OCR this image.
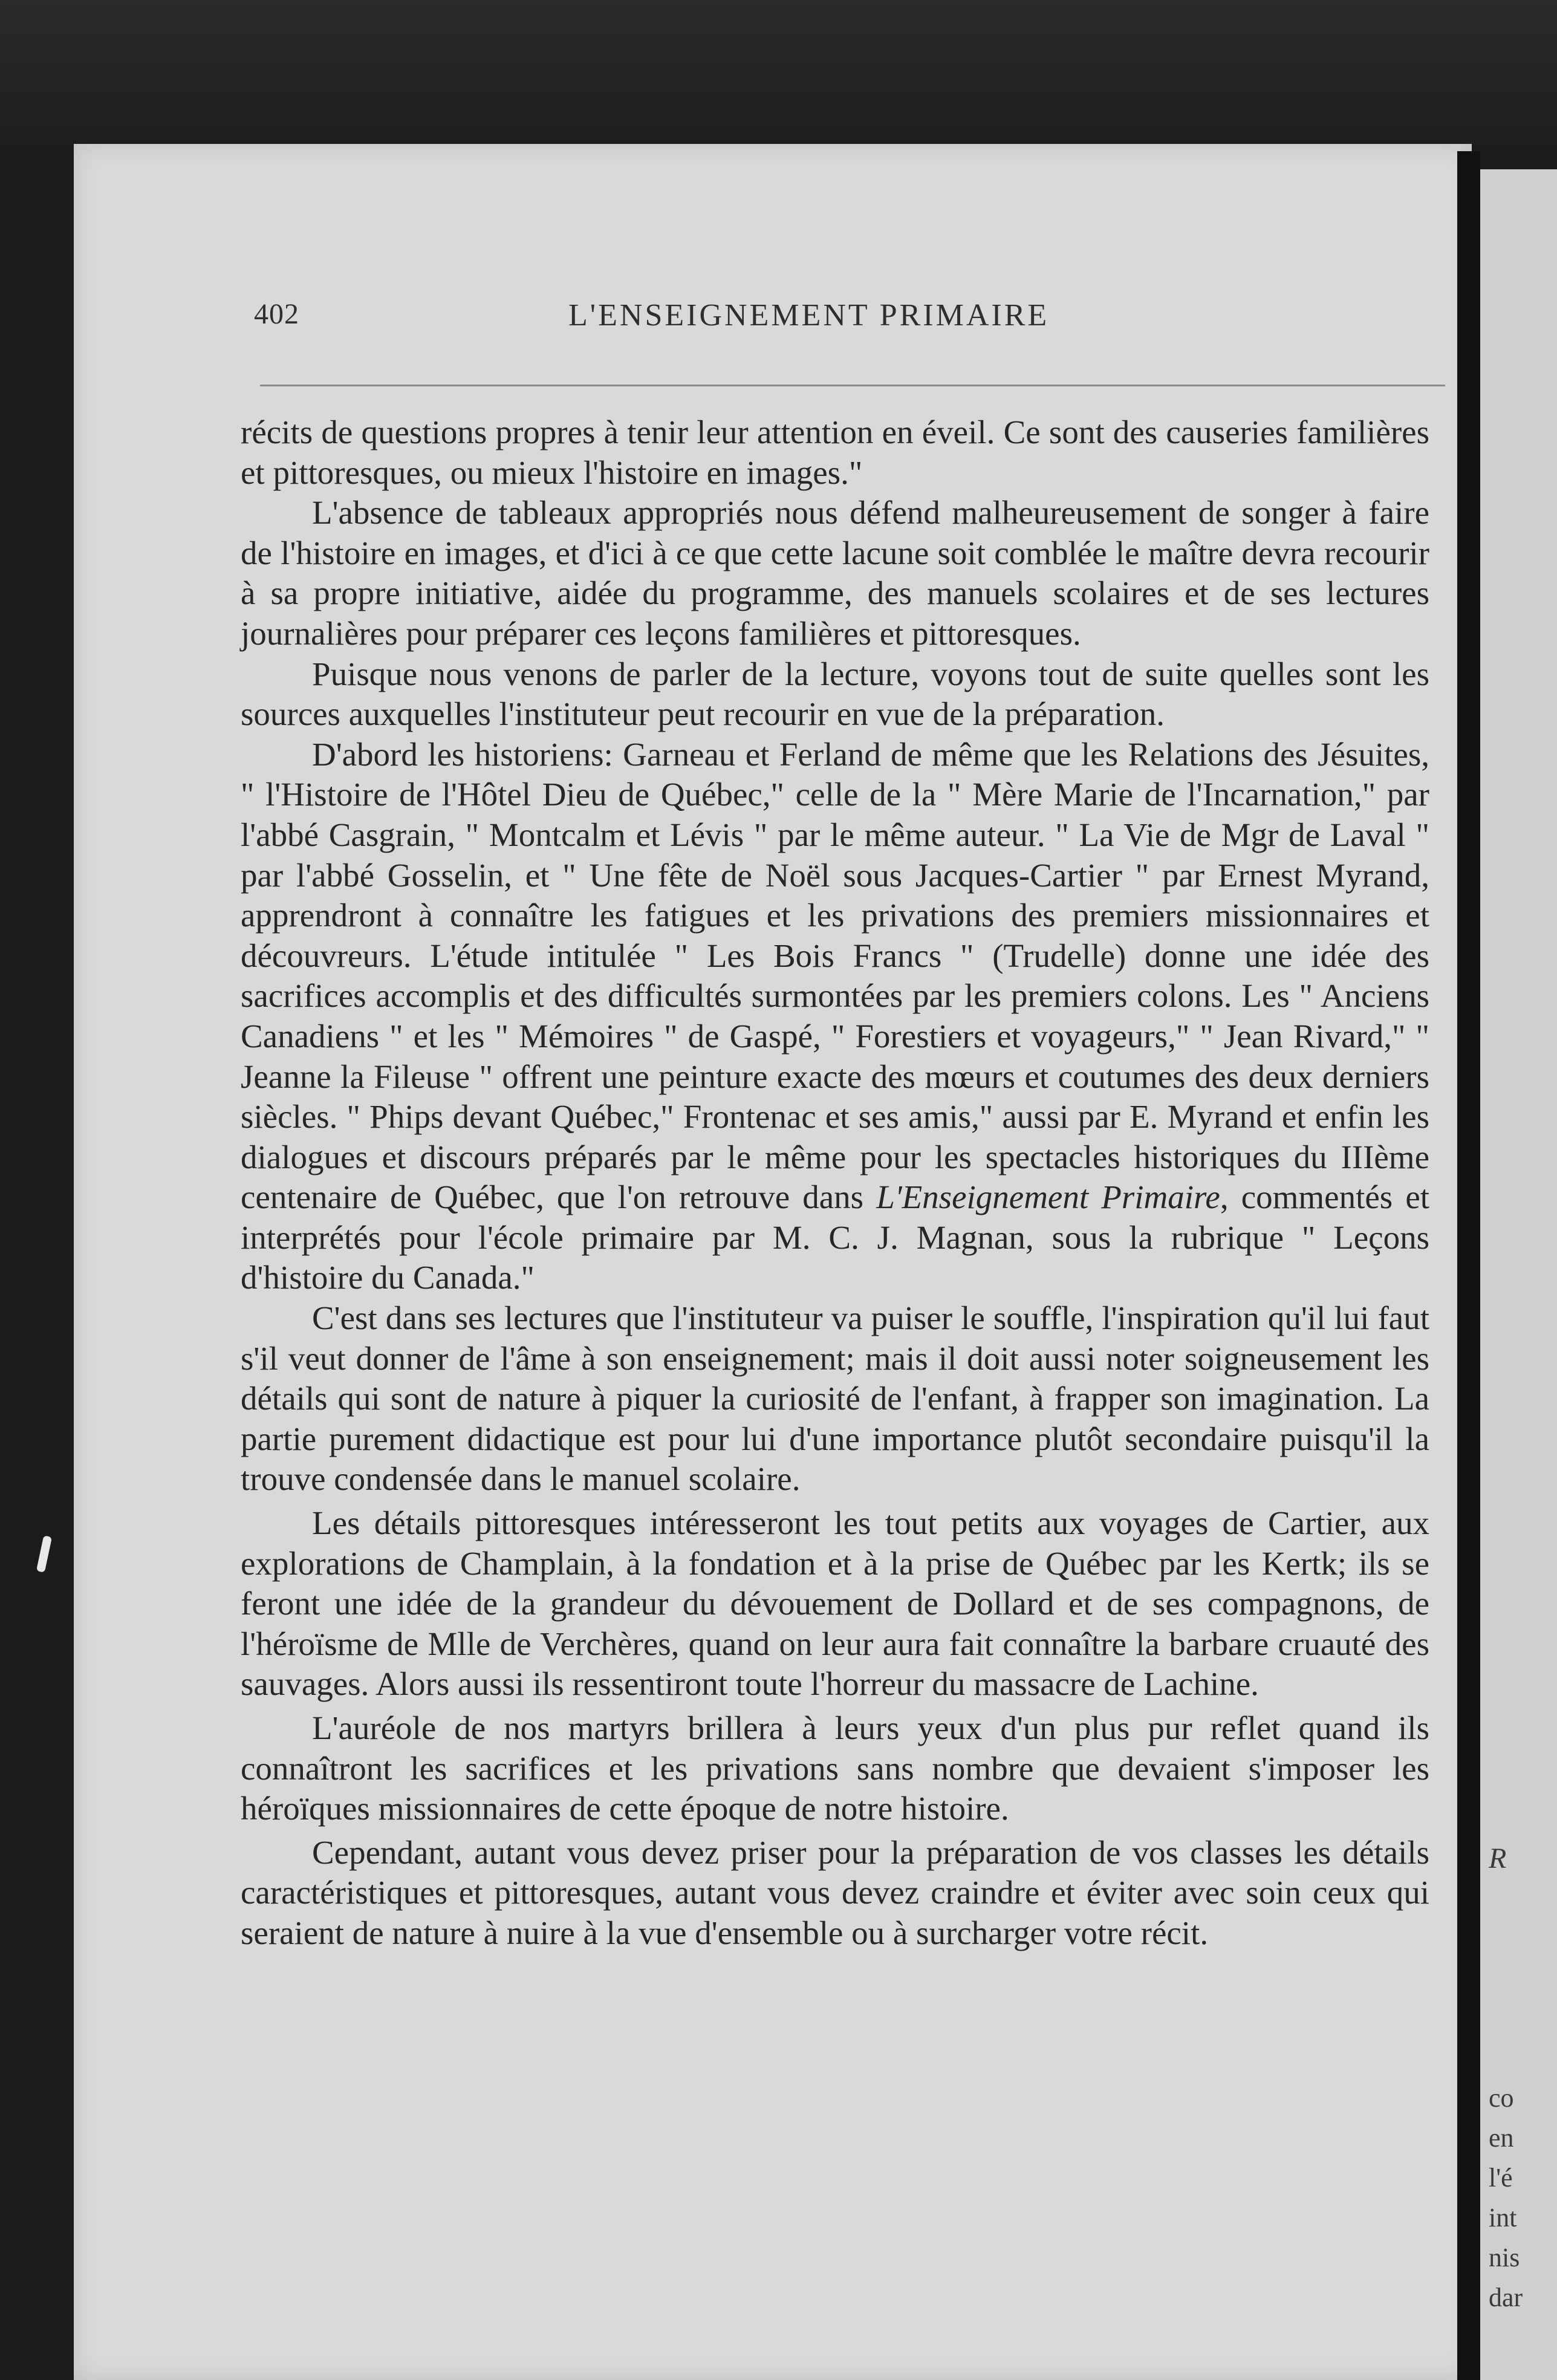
R
co
en
l'é
int
nis
dar
402	L'ENSEIGNEMENT PRIMAIRE

récits de questions propres à tenir leur attention en éveil. Ce sont des causeries familières et pittoresques, ou mieux l'histoire en images."

L'absence de tableaux appropriés nous défend malheureusement de songer à faire de l'histoire en images, et d'ici à ce que cette lacune soit comblée le maître devra recourir à sa propre initiative, aidée du programme, des manuels scolaires et de ses lectures journalières pour préparer ces leçons familières et pittoresques.

Puisque nous venons de parler de la lecture, voyons tout de suite quelles sont les sources auxquelles l'instituteur peut recourir en vue de la préparation.

D'abord les historiens: Garneau et Ferland de même que les Relations des Jésuites, " l'Histoire de l'Hôtel Dieu de Québec," celle de la " Mère Marie de l'Incarnation," par l'abbé Casgrain, " Montcalm et Lévis " par le même auteur. " La Vie de Mgr de Laval " par l'abbé Gosselin, et " Une fête de Noël sous Jacques-Cartier " par Ernest Myrand, apprendront à connaître les fatigues et les privations des premiers missionnaires et découvreurs. L'étude intitulée " Les Bois Francs " (Trudelle) donne une idée des sacrifices accomplis et des difficultés surmontées par les premiers colons. Les " Anciens Canadiens " et les " Mémoires " de Gaspé, " Forestiers et voyageurs," " Jean Rivard," " Jeanne la Fileuse " offrent une peinture exacte des mœurs et coutumes des deux derniers siècles. " Phips devant Québec," Frontenac et ses amis," aussi par E. Myrand et enfin les dialogues et discours préparés par le même pour les spectacles historiques du IIIème centenaire de Québec, que l'on retrouve dans L'Enseignement Primaire, commentés et interprétés pour l'école primaire par M. C. J. Magnan, sous la rubrique " Leçons d'histoire du Canada."

C'est dans ses lectures que l'instituteur va puiser le souffle, l'inspiration qu'il lui faut s'il veut donner de l'âme à son enseignement; mais il doit aussi noter soigneusement les détails qui sont de nature à piquer la curiosité de l'enfant, à frapper son imagination. La partie purement didactique est pour lui d'une importance plutôt secondaire puisqu'il la trouve condensée dans le manuel scolaire.

Les détails pittoresques intéresseront les tout petits aux voyages de Cartier, aux explorations de Champlain, à la fondation et à la prise de Québec par les Kertk; ils se feront une idée de la grandeur du dévouement de Dollard et de ses compagnons, de l'héroïsme de Mlle de Verchères, quand on leur aura fait connaître la barbare cruauté des sauvages. Alors aussi ils ressentiront toute l'horreur du massacre de Lachine.

L'auréole de nos martyrs brillera à leurs yeux d'un plus pur reflet quand ils connaîtront les sacrifices et les privations sans nombre que devaient s'imposer les héroïques missionnaires de cette époque de notre histoire.

Cependant, autant vous devez priser pour la préparation de vos classes les détails caractéristiques et pittoresques, autant vous devez craindre et éviter avec soin ceux qui seraient de nature à nuire à la vue d'ensemble ou à surcharger votre récit.
